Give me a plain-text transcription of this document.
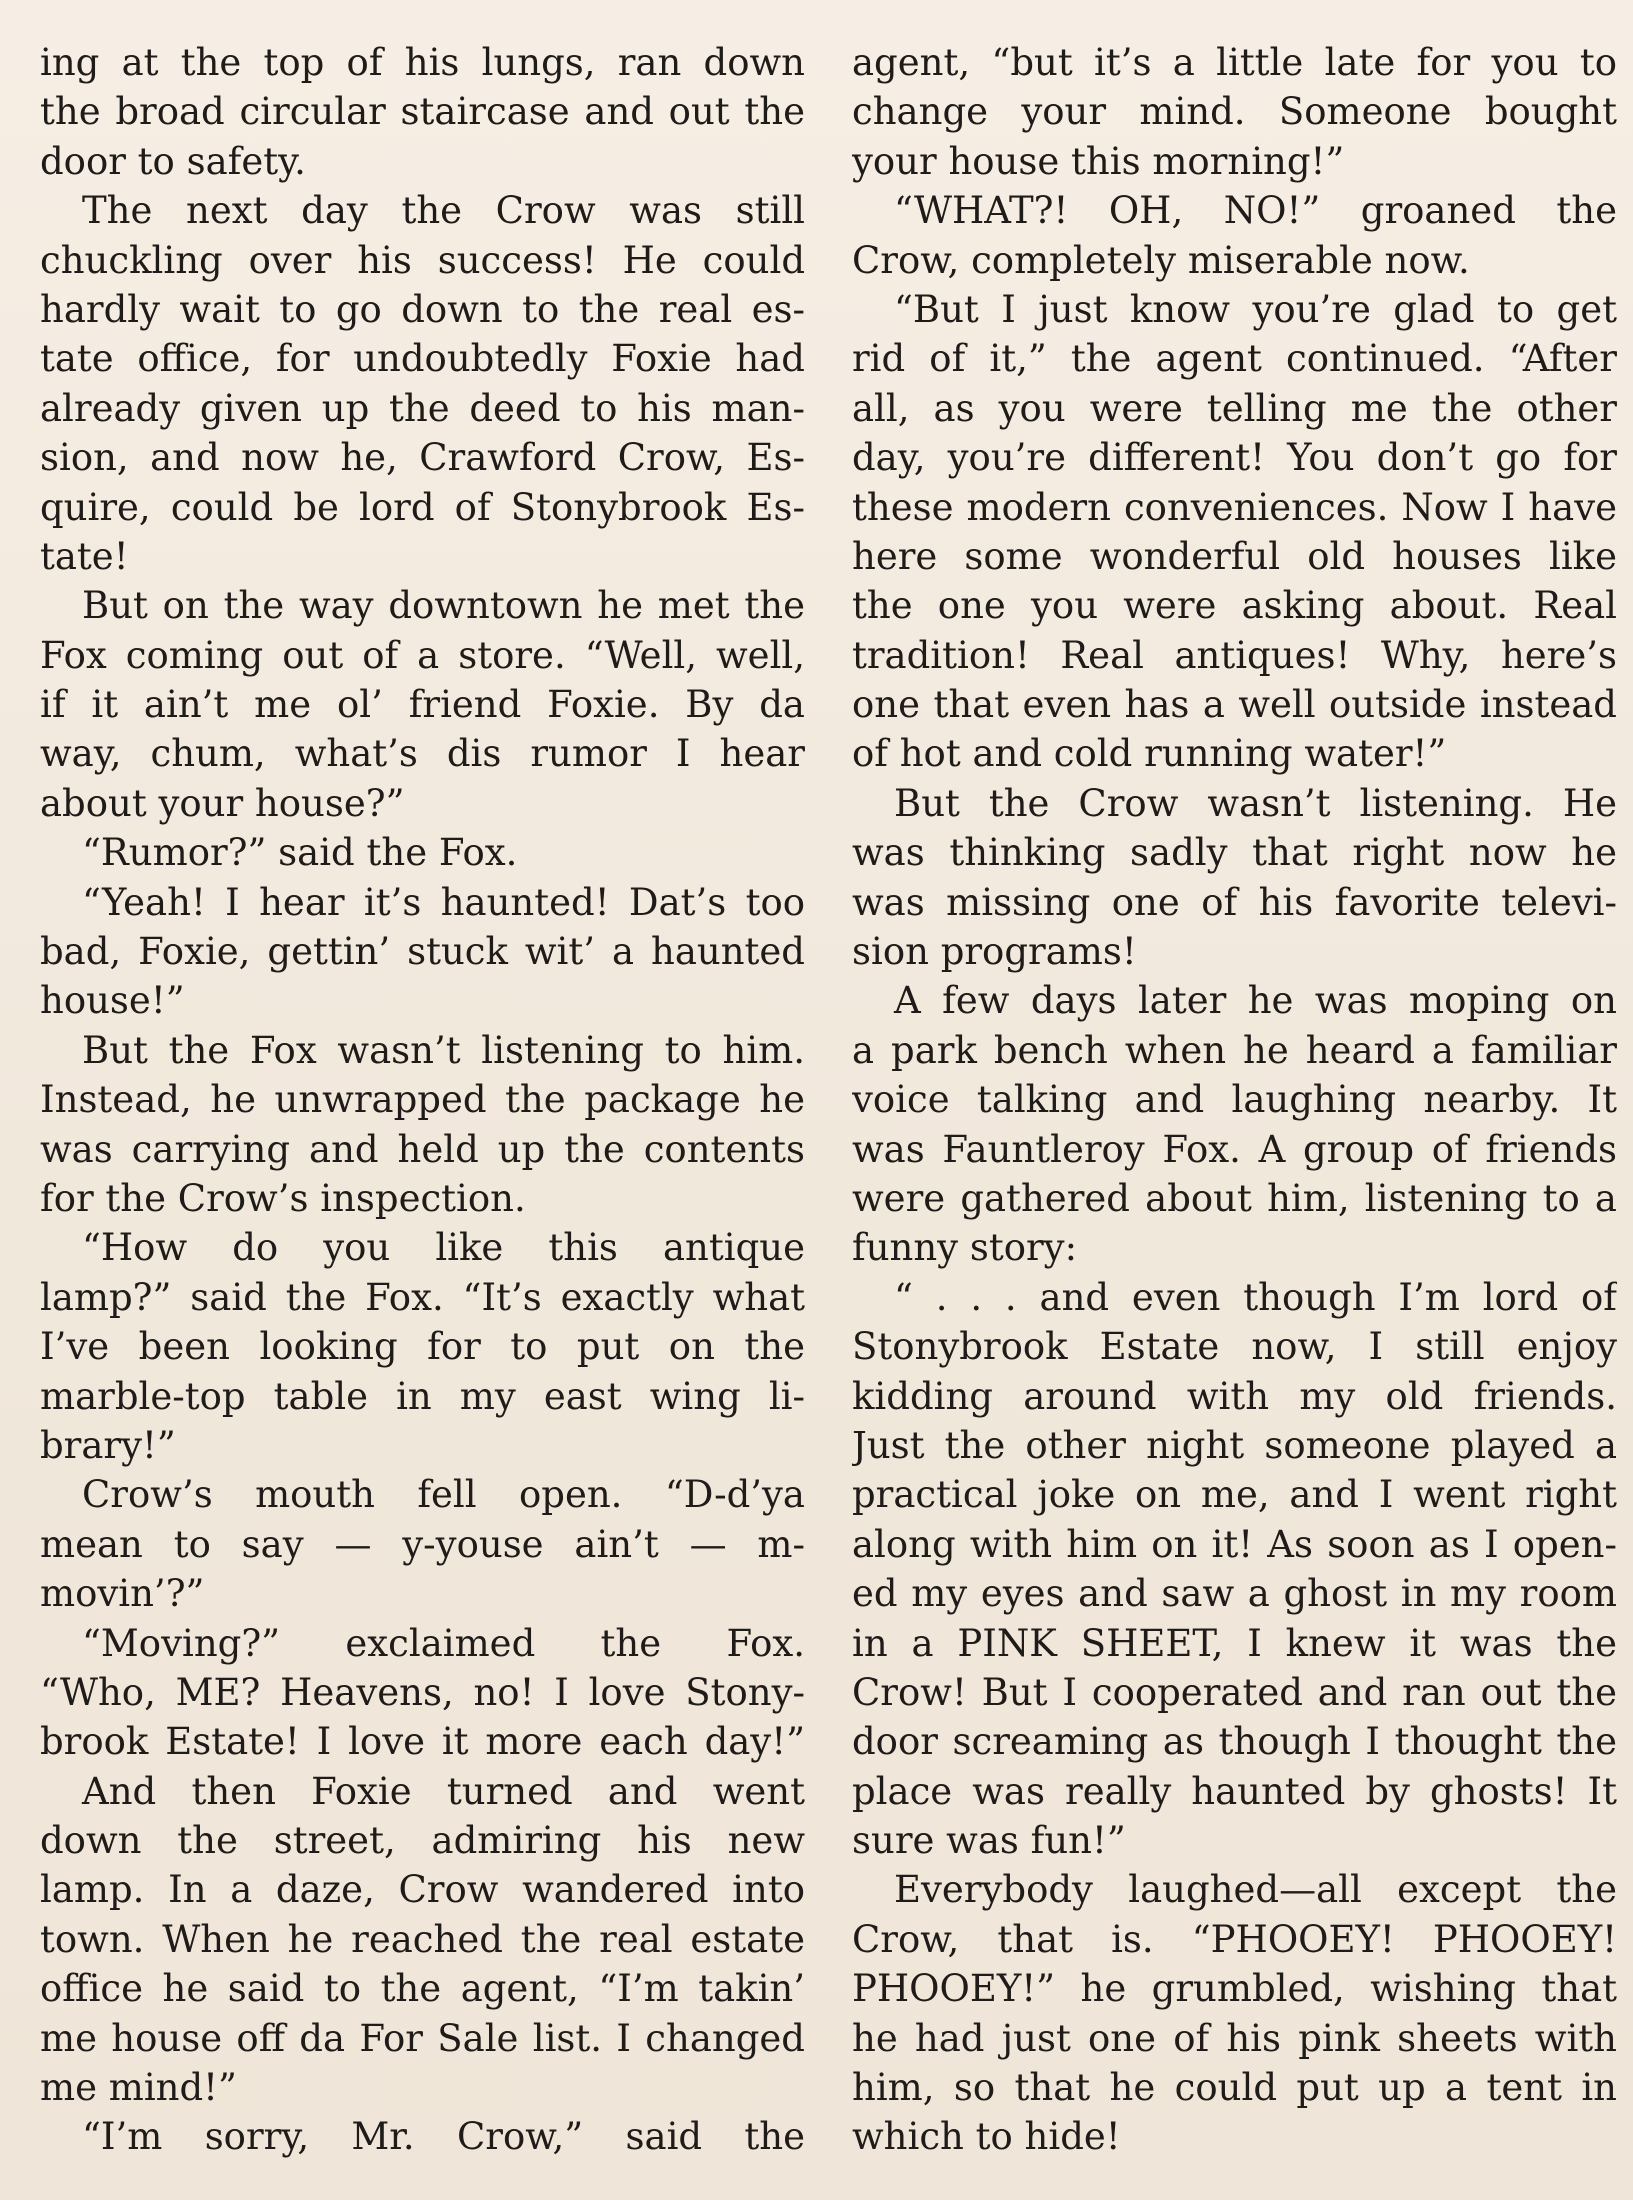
ing at the top of his lungs, ran down
the broad circular staircase and out the
door to safety.
The next day the Crow was still
chuckling over his success! He could
hardly wait to go down to the real es-
tate office, for undoubtedly Foxie had
already given up the deed to his man-
sion, and now he, Crawford Crow, Es-
quire, could be lord of Stonybrook Es-
tate!
But on the way downtown he met the
Fox coming out of a store. “Well, well,
if it ain’t me ol’ friend Foxie. By da
way, chum, what’s dis rumor I hear
about your house?”
“Rumor?” said the Fox.
“Yeah! I hear it’s haunted! Dat’s too
bad, Foxie, gettin’ stuck wit’ a haunted
house!”
But the Fox wasn’t listening to him.
Instead, he unwrapped the package he
was carrying and held up the contents
for the Crow’s inspection.
“How do you like this antique
lamp?” said the Fox. “It’s exactly what
I’ve been looking for to put on the
marble-top table in my east wing li-
brary!”
Crow’s mouth fell open. “D-d’ya
mean to say — y-youse ain’t — m-
movin’?”
“Moving?” exclaimed the Fox.
“Who, ME? Heavens, no! I love Stony-
brook Estate! I love it more each day!”
And then Foxie turned and went
down the street, admiring his new
lamp. In a daze, Crow wandered into
town. When he reached the real estate
office he said to the agent, “I’m takin’
me house off da For Sale list. I changed
me mind!”
“I’m sorry, Mr. Crow,” said the
agent, “but it’s a little late for you to
change your mind. Someone bought
your house this morning!”
“WHAT?! OH, NO!” groaned the
Crow, completely miserable now.
“But I just know you’re glad to get
rid of it,” the agent continued. “After
all, as you were telling me the other
day, you’re different! You don’t go for
these modern conveniences. Now I have
here some wonderful old houses like
the one you were asking about. Real
tradition! Real antiques! Why, here’s
one that even has a well outside instead
of hot and cold running water!”
But the Crow wasn’t listening. He
was thinking sadly that right now he
was missing one of his favorite televi-
sion programs!
A few days later he was moping on
a park bench when he heard a familiar
voice talking and laughing nearby. It
was Fauntleroy Fox. A group of friends
were gathered about him, listening to a
funny story:
“ . . . and even though I’m lord of
Stonybrook Estate now, I still enjoy
kidding around with my old friends.
Just the other night someone played a
practical joke on me, and I went right
along with him on it! As soon as I open-
ed my eyes and saw a ghost in my room
in a PINK SHEET, I knew it was the
Crow! But I cooperated and ran out the
door screaming as though I thought the
place was really haunted by ghosts! It
sure was fun!”
Everybody laughed—all except the
Crow, that is. “PHOOEY! PHOOEY!
PHOOEY!” he grumbled, wishing that
he had just one of his pink sheets with
him, so that he could put up a tent in
which to hide!
